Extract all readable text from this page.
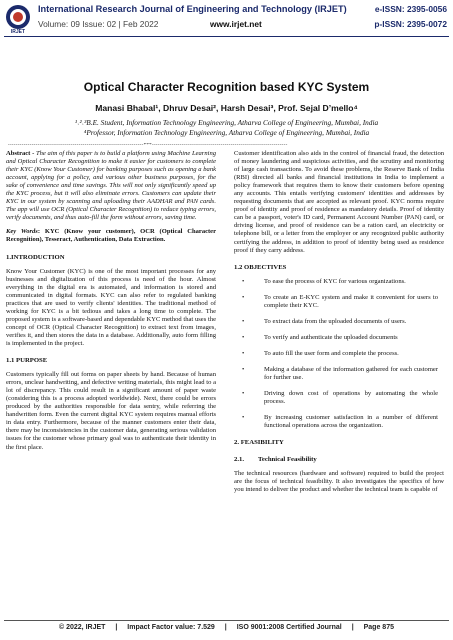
IRJET
International Research Journal of Engineering and Technology (IRJET)
Volume: 09 Issue: 02 | Feb 2022	www.irjet.net
e-ISSN: 2395-0056
p-ISSN: 2395-0072
Optical Character Recognition based KYC System
Manasi Bhabal¹, Dhruv Desai², Harsh Desai³, Prof. Sejal D’mello⁴
¹˒²˒³B.E. Student, Information Technology Engineering, Atharva College of Engineering, Mumbai, India
⁴Professor, Information Technology Engineering, Atharva College of Engineering, Mumbai, India
---------------------------------------------------------------------***---------------------------------------------------------------------

Abstract - The aim of this paper is to build a platform using Machine Learning and Optical Character Recognition to make it easier for customers to complete their KYC (Know Your Customer) for banking purposes such as opening a bank account, applying for a policy, and various other business purposes, for the sake of convenience and time savings. This will not only significantly speed up the KYC process, but it will also eliminate errors. Customers can update their KYC in our system by scanning and uploading their AADHAR and PAN cards. The app will use OCR (Optical Character Recognition) to reduce typing errors, verify documents, and thus auto-fill the form without errors, saving time.

Key Words: KYC (Know your customer), OCR (Optical Character Recognition), Tesseract, Authentication, Data Extraction.

1.INTRODUCTION

Know Your Customer (KYC) is one of the most important processes for any businesses and digitalization of this process is need of the hour. Almost everything in the digital era is automated, and information is stored and communicated in digital formats. KYC can also refer to regulated banking practices that are used to verify clients' identities. The traditional method of working for KYC is a bit tedious and takes a long time to complete. The proposed system is a software-based and dependable KYC method that uses the concept of OCR (Optical Character Recognition) to extract text from images, verifies it, and then stores the data in a database. Additionally, auto form filling is implemented in the project.

1.1 PURPOSE

Customers typically fill out forms on paper sheets by hand. Because of human errors, unclear handwriting, and defective writing materials, this might lead to a lot of discrepancy. This could result in a significant amount of paper waste (considering this is a process adopted worldwide). Next, there could be errors produced by the authorities responsible for data sentry, while referring the handwritten form. Even the current digital KYC system requires manual efforts in data entry. Furthermore, because of the manner customers enter their data, there may be inconsistencies in the customer data, generating serious validation issues for the customer whose primary goal was to authenticate their identity in the first place.

Customer identification also aids in the control of financial fraud, the detection of money laundering and suspicious activities, and the scrutiny and monitoring of large cash transactions. To avoid these problems, the Reserve Bank of India (RBI) directed all banks and financial institutions in India to implement a policy framework that requires them to know their customers before opening any accounts. This entails verifying customers' identities and addresses by requesting documents that are accepted as relevant proof. KYC norms require proof of identity and proof of residence as mandatory details. Proof of identity can be a passport, voter's ID card, Permanent Account Number (PAN) card, or driving license, and proof of residence can be a ration card, an electricity or telephone bill, or a letter from the employer or any recognized public authority certifying the address, in addition to proof of identity being used as residence proof if they carry address.

1.2 OBJECTIVES
•	To ease the process of KYC for various organizations.
•	To create an E-KYC system and make it convenient for users to complete their KYC.
•	To extract data from the uploaded documents of users.
•	To verify and authenticate the uploaded documents
•	To auto fill the user form and complete the process.
•	Making a database of the information gathered for each customer for further use.
•	Driving down cost of operations by automating the whole process.
•	By increasing customer satisfaction in a number of different functional operations across the organization.
2. FEASIBILITY
2.1. Technical Feasibility

The technical resources (hardware and software) required to build the project are the focus of technical feasibility. It also investigates the specifics of how you intend to deliver the product and whether the technical team is capable of

© 2022, IRJET | Impact Factor value: 7.529 | ISO 9001:2008 Certified Journal | Page 875
